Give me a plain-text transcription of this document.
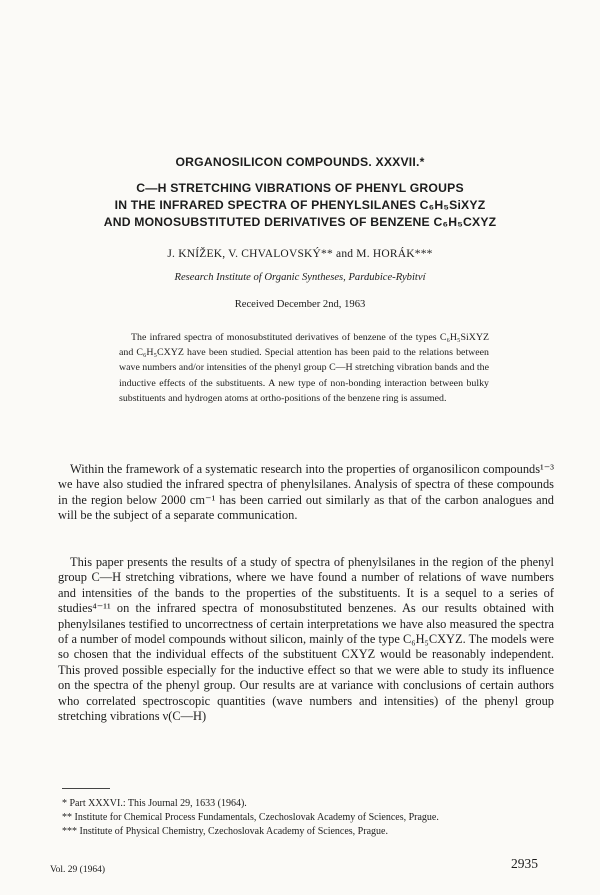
ORGANOSILICON COMPOUNDS. XXXVII.*
C—H STRETCHING VIBRATIONS OF PHENYL GROUPS
IN THE INFRARED SPECTRA OF PHENYLSILANES C₆H₅SiXYZ
AND MONOSUBSTITUTED DERIVATIVES OF BENZENE C₆H₅CXYZ

J. KNÍŽEK, V. CHVALOVSKÝ** and M. HORÁK***

Research Institute of Organic Syntheses, Pardubice-Rybitví

Received December 2nd, 1963

The infrared spectra of monosubstituted derivatives of benzene of the types C₆H₅SiXYZ and C₆H₅CXYZ have been studied. Special attention has been paid to the relations between wave numbers and/or intensities of the phenyl group C—H stretching vibration bands and the inductive effects of the substituents. A new type of non-bonding interaction between bulky substituents and hydrogen atoms at ortho-positions of the benzene ring is assumed.

Within the framework of a systematic research into the properties of organosilicon compounds¹⁻³ we have also studied the infrared spectra of phenylsilanes. Analysis of spectra of these compounds in the region below 2000 cm⁻¹ has been carried out similarly as that of the carbon analogues and will be the subject of a separate communication.

This paper presents the results of a study of spectra of phenylsilanes in the region of the phenyl group C—H stretching vibrations, where we have found a number of relations of wave numbers and intensities of the bands to the properties of the substituents. It is a sequel to a series of studies⁴⁻¹¹ on the infrared spectra of monosubstituted benzenes. As our results obtained with phenylsilanes testified to uncorrectness of certain interpretations we have also measured the spectra of a number of model compounds without silicon, mainly of the type C₆H₅CXYZ. The models were so chosen that the individual effects of the substituent CXYZ would be reasonably independent. This proved possible especially for the inductive effect so that we were able to study its influence on the spectra of the phenyl group. Our results are at variance with conclusions of certain authors who correlated spectroscopic quantities (wave numbers and intensities) of the phenyl group stretching vibrations ν(C—H)

* Part XXXVI.: This Journal 29, 1633 (1964).

** Institute for Chemical Process Fundamentals, Czechoslovak Academy of Sciences, Prague.

*** Institute of Physical Chemistry, Czechoslovak Academy of Sciences, Prague.

Vol. 29 (1964)	2935
